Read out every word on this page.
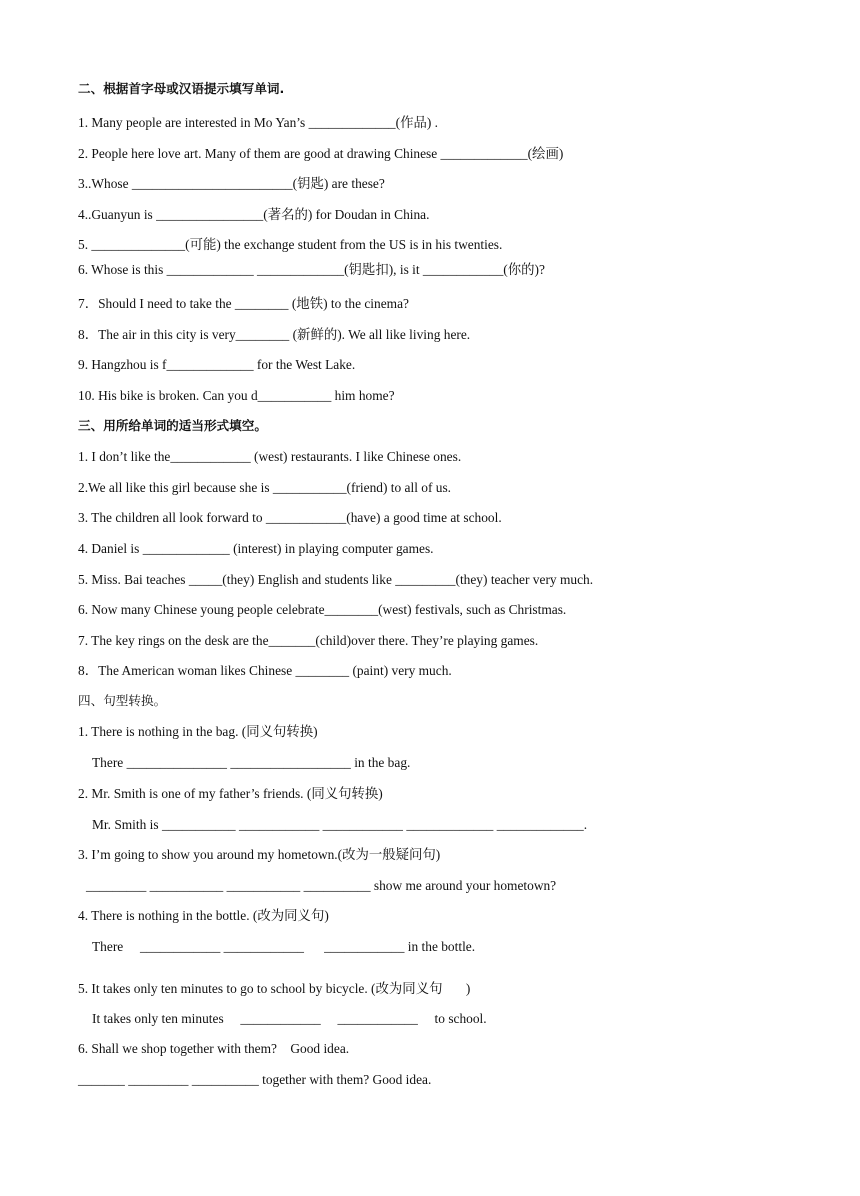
二、根据首字母或汉语提示填写单词.
1. Many people are interested in Mo Yan’s _____________(作品) .
2. People here love art. Many of them are good at drawing Chinese _____________(绘画)
3..Whose ________________________(钥匙) are these?
4..Guanyun is ________________(著名的) for Doudan in China.
5. ______________(可能) the exchange student from the US is in his twenties.
6. Whose is this _____________ _____________(钥匙扣), is it ____________(你的)?
7．Should I need to take the ________ (地铁) to the cinema?
8．The air in this city is very________ (新鲜的). We all like living here.
9. Hangzhou is f_____________ for the West Lake.
10. His bike is broken. Can you d___________ him home?
三、用所给单词的适当形式填空。
1. I don’t like the____________ (west) restaurants. I like Chinese ones.
2.We all like this girl because she is ___________(friend) to all of us.
3. The children all look forward to ____________(have) a good time at school.
4. Daniel is _____________ (interest) in playing computer games.
5. Miss. Bai teaches _____(they) English and students like _________(they) teacher very much.
6. Now many Chinese young people celebrate________(west) festivals, such as Christmas.
7. The key rings on the desk are the_______(child)over there. They’re playing games.
8．The American woman likes Chinese ________ (paint) very much.
四、句型转换。
1. There is nothing in the bag. (同义句转换)
There _______________ __________________ in the bag.
2. Mr. Smith is one of my father’s friends. (同义句转换)
Mr. Smith is ___________ ____________ ____________ _____________ _____________.
3. I’m going to show you around my hometown.(改为一般疑问句)
_________ ___________ ___________ __________ show me around your hometown?
4. There is nothing in the bottle. (改为同义句)
There     ____________ ____________      ____________ in the bottle.
5. It takes only ten minutes to go to school by bicycle. (改为同义句       )
It takes only ten minutes     ____________     ____________     to school.
6. Shall we shop together with them?    Good idea.
_______ _________ __________ together with them? Good idea.
